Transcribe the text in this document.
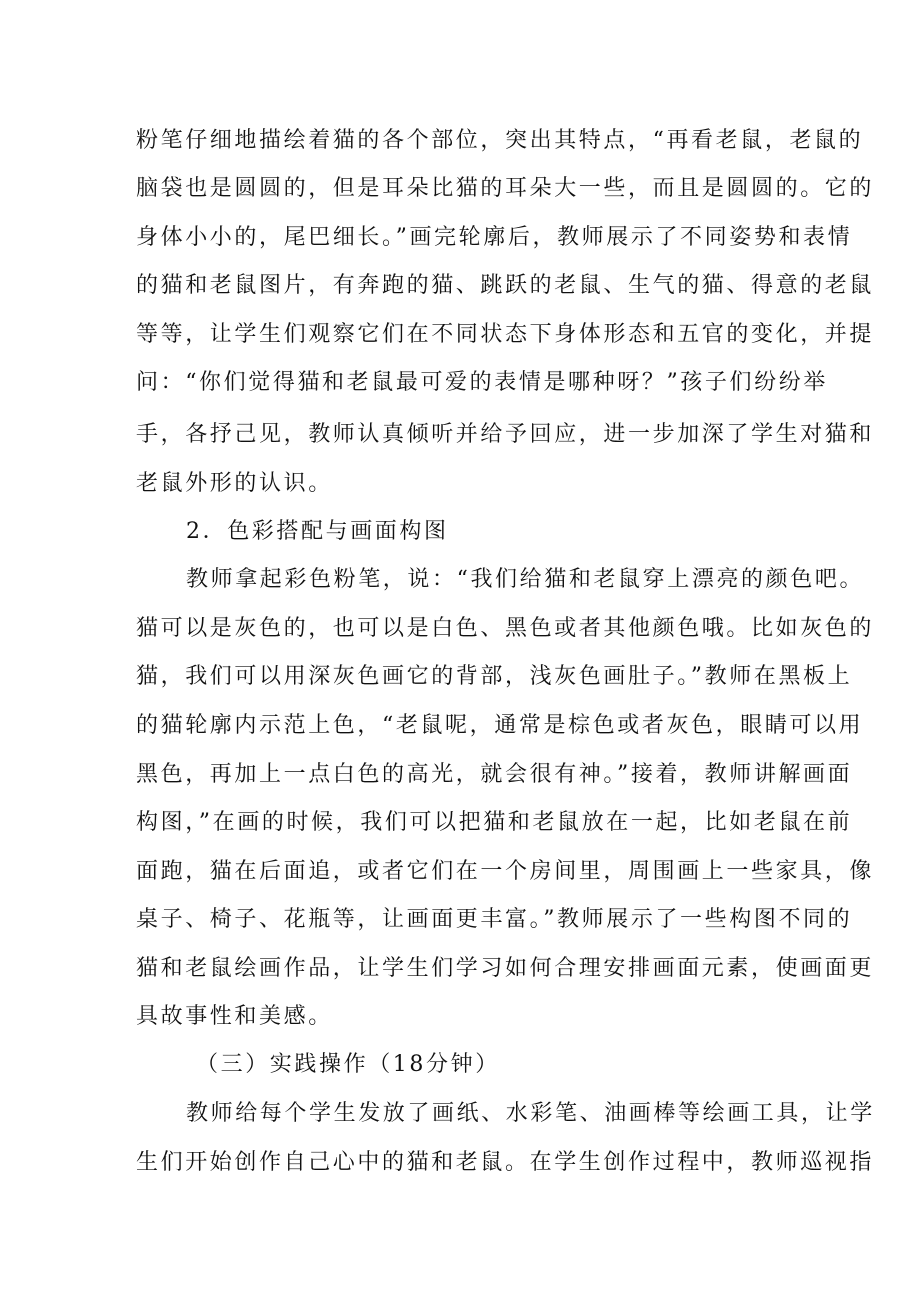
粉笔仔细地描绘着猫的各个部位，突出其特点，“再看老鼠，老鼠的
脑袋也是圆圆的，但是耳朵比猫的耳朵大一些，而且是圆圆的。它的
身体小小的，尾巴细长。”画完轮廓后，教师展示了不同姿势和表情
的猫和老鼠图片，有奔跑的猫、跳跃的老鼠、生气的猫、得意的老鼠
等等，让学生们观察它们在不同状态下身体形态和五官的变化，并提
问：“你们觉得猫和老鼠最可爱的表情是哪种呀？”孩子们纷纷举
手，各抒己见，教师认真倾听并给予回应，进一步加深了学生对猫和
老鼠外形的认识。
2．色彩搭配与画面构图
教师拿起彩色粉笔，说：“我们给猫和老鼠穿上漂亮的颜色吧。
猫可以是灰色的，也可以是白色、黑色或者其他颜色哦。比如灰色的
猫，我们可以用深灰色画它的背部，浅灰色画肚子。”教师在黑板上
的猫轮廓内示范上色，“老鼠呢，通常是棕色或者灰色，眼睛可以用
黑色，再加上一点白色的高光，就会很有神。”接着，教师讲解画面
构图，”在画的时候，我们可以把猫和老鼠放在一起，比如老鼠在前
面跑，猫在后面追，或者它们在一个房间里，周围画上一些家具，像
桌子、椅子、花瓶等，让画面更丰富。”教师展示了一些构图不同的
猫和老鼠绘画作品，让学生们学习如何合理安排画面元素，使画面更
具故事性和美感。
（三）实践操作（18分钟）
教师给每个学生发放了画纸、水彩笔、油画棒等绘画工具，让学
生们开始创作自己心中的猫和老鼠。在学生创作过程中，教师巡视指
